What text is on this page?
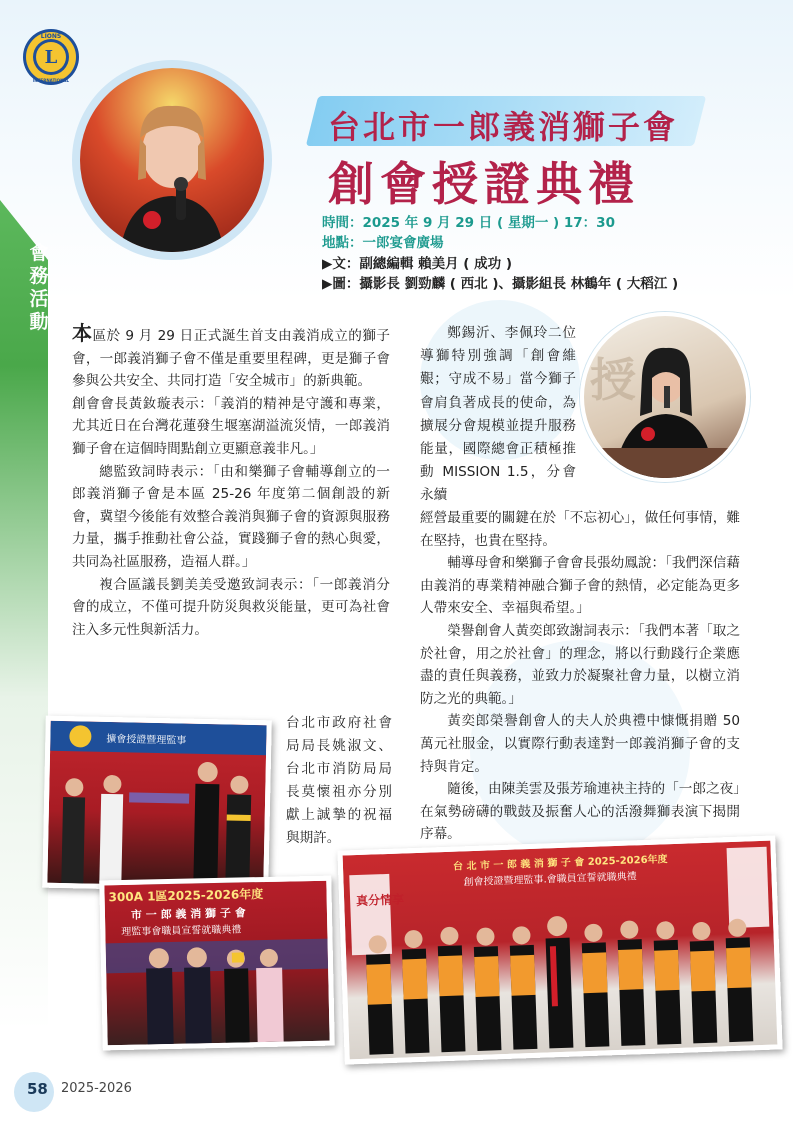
會務活動
L
LIONS
INTERNATIONAL
台北市一郎義消獅子會
創會授證典禮
時間：2025 年 9 月 29 日 ( 星期一 ) 17：30
地點：一郎宴會廣場
▶文：副總編輯 賴美月 ( 成功 )
▶圖：攝影長 劉勁麟 ( 西北 )、攝影組長 林鶴年 ( 大稻江 )

本區於 9 月 29 日正式誕生首支由義消成立的獅子會，一郎義消獅子會不僅是重要里程碑，更是獅子會參與公共安全、共同打造「安全城市」的新典範。

創會會長黃釹璇表示：「義消的精神是守護和專業，尤其近日在台灣花蓮發生堰塞湖溢流災情，一郎義消獅子會在這個時間點創立更顯意義非凡。」

總監致詞時表示：「由和樂獅子會輔導創立的一郎義消獅子會是本區 25-26 年度第二個創設的新會，冀望今後能有效整合義消與獅子會的資源與服務力量，攜手推動社會公益，實踐獅子會的熱心與愛，共同為社區服務，造福人群。」

複合區議長劉美美受邀致詞表示：「一郎義消分會的成立，不僅可提升防災與救災能量，更可為社會注入多元性與新活力。

台北市政府社會局局長姚淑文、台北市消防局局長莫懷祖亦分別獻上誠摯的祝福與期許。

鄭錫沂、李佩玲二位導獅特別強調「創會維艱；守成不易」當今獅子會肩負著成長的使命，為擴展分會規模並提升服務能量，國際總會正積極推動 MISSION 1.5，分會永續

授

經營最重要的關鍵在於「不忘初心」，做任何事情，難在堅持，也貴在堅持。

輔導母會和樂獅子會會長張幼鳳說：「我們深信藉由義消的專業精神融合獅子會的熱情，必定能為更多人帶來安全、幸福與希望。」

榮譽創會人黃奕郎致謝詞表示：「我們本著「取之於社會，用之於社會」的理念，將以行動踐行企業應盡的責任與義務，並致力於凝聚社會力量，以樹立消防之光的典範。」

黃奕郎榮譽創會人的夫人於典禮中慷慨捐贈 50 萬元社服金，以實際行動表達對一郎義消獅子會的支持與肯定。

隨後，由陳美雲及張芳瑜連袂主持的「一郎之夜」在氣勢磅礴的戰鼓及振奮人心的活潑舞獅表演下揭開序幕。

擴會授證暨理監事
300A 1區2025-2026年度
市 一 郎 義 消 獅 子 會
理監事會職員宣誓就職典禮
台 北 市 一 郎 義 消 獅 子 會 2025-2026年度
創會授證暨理監事.會職員宣誓就職典禮
真分情享
58 2025-2026
